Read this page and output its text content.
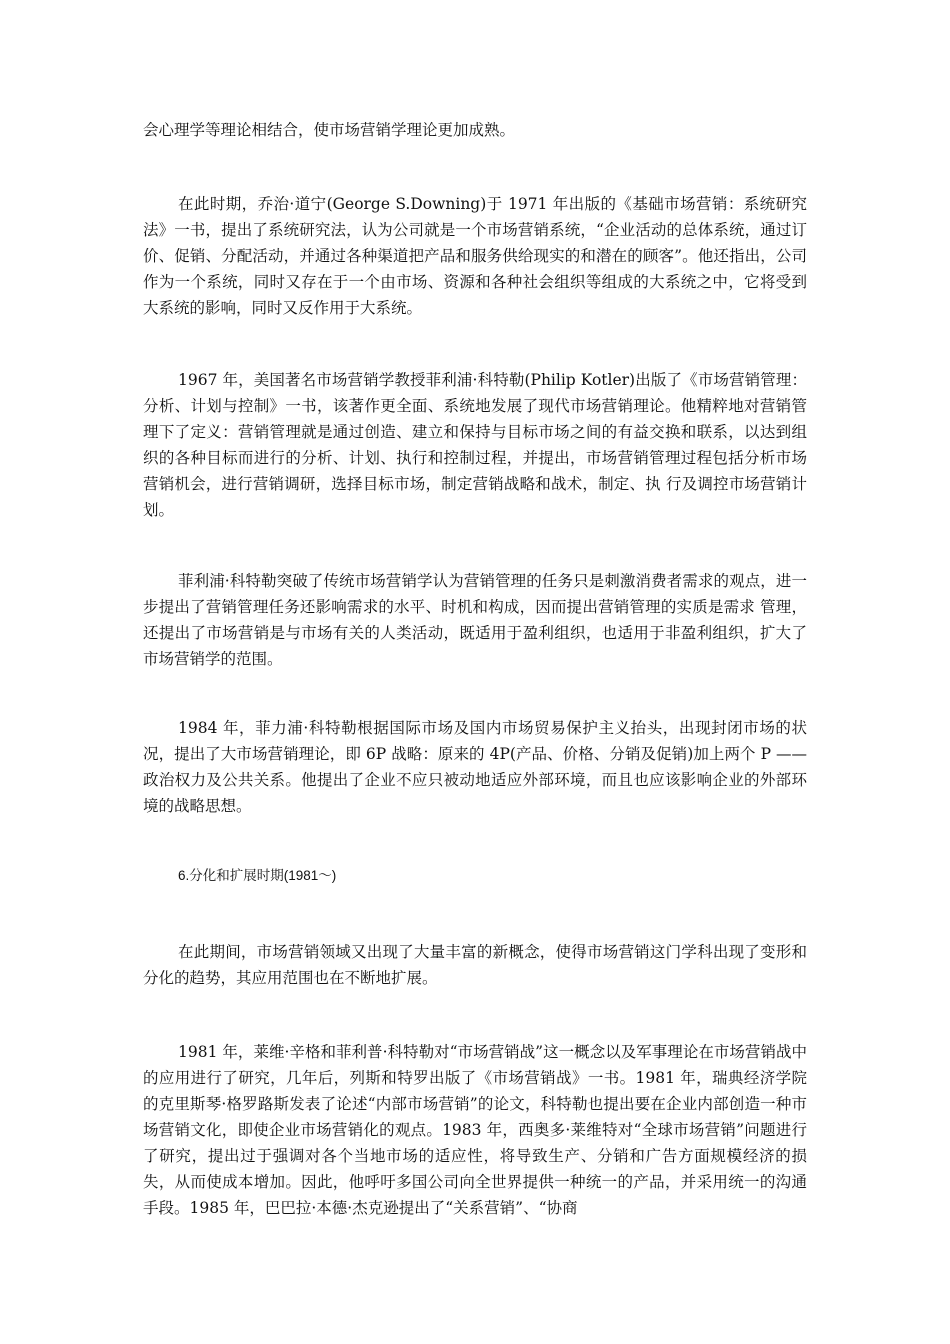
会心理学等理论相结合，使市场营销学理论更加成熟。

在此时期，乔治·道宁(George S.Downing)于 1971 年出版的《基础市场营销：系统研究法》一书，提出了系统研究法，认为公司就是一个市场营销系统，“企业活动的总体系统，通过订价、促销、分配活动，并通过各种渠道把产品和服务供给现实的和潜在的顾客”。他还指出，公司作为一个系统，同时又存在于一个由市场、资源和各种社会组织等组成的大系统之中，它将受到大系统的影响，同时又反作用于大系统。

1967 年，美国著名市场营销学教授菲利浦·科特勒(Philip Kotler)出版了《市场营销管理：分析、计划与控制》一书，该著作更全面、系统地发展了现代市场营销理论。他精粹地对营销管理下了定义：营销管理就是通过创造、建立和保持与目标市场之间的有益交换和联系，以达到组织的各种目标而进行的分析、计划、执行和控制过程，并提出，市场营销管理过程包括分析市场营销机会，进行营销调研，选择目标市场，制定营销战略和战术，制定、执 行及调控市场营销计划。

菲利浦·科特勒突破了传统市场营销学认为营销管理的任务只是刺激消费者需求的观点，进一步提出了营销管理任务还影响需求的水平、时机和构成，因而提出营销管理的实质是需求 管理，还提出了市场营销是与市场有关的人类活动，既适用于盈利组织，也适用于非盈利组织，扩大了市场营销学的范围。

1984 年，菲力浦·科特勒根据国际市场及国内市场贸易保护主义抬头，出现封闭市场的状况，提出了大市场营销理论，即 6P 战略：原来的 4P(产品、价格、分销及促销)加上两个 P ——政治权力及公共关系。他提出了企业不应只被动地适应外部环境，而且也应该影响企业的外部环境的战略思想。

6.分化和扩展时期(1981～)

在此期间，市场营销领域又出现了大量丰富的新概念，使得市场营销这门学科出现了变形和分化的趋势，其应用范围也在不断地扩展。

1981 年，莱维·辛格和菲利普·科特勒对“市场营销战”这一概念以及军事理论在市场营销战中的应用进行了研究，几年后，列斯和特罗出版了《市场营销战》一书。1981 年，瑞典经济学院的克里斯琴·格罗路斯发表了论述“内部市场营销”的论文，科特勒也提出要在企业内部创造一种市场营销文化，即使企业市场营销化的观点。1983 年，西奥多·莱维特对“全球市场营销”问题进行了研究，提出过于强调对各个当地市场的适应性，将导致生产、分销和广告方面规模经济的损失，从而使成本增加。因此，他呼吁多国公司向全世界提供一种统一的产品，并采用统一的沟通手段。1985 年，巴巴拉·本德·杰克逊提出了“关系营销”、“协商
